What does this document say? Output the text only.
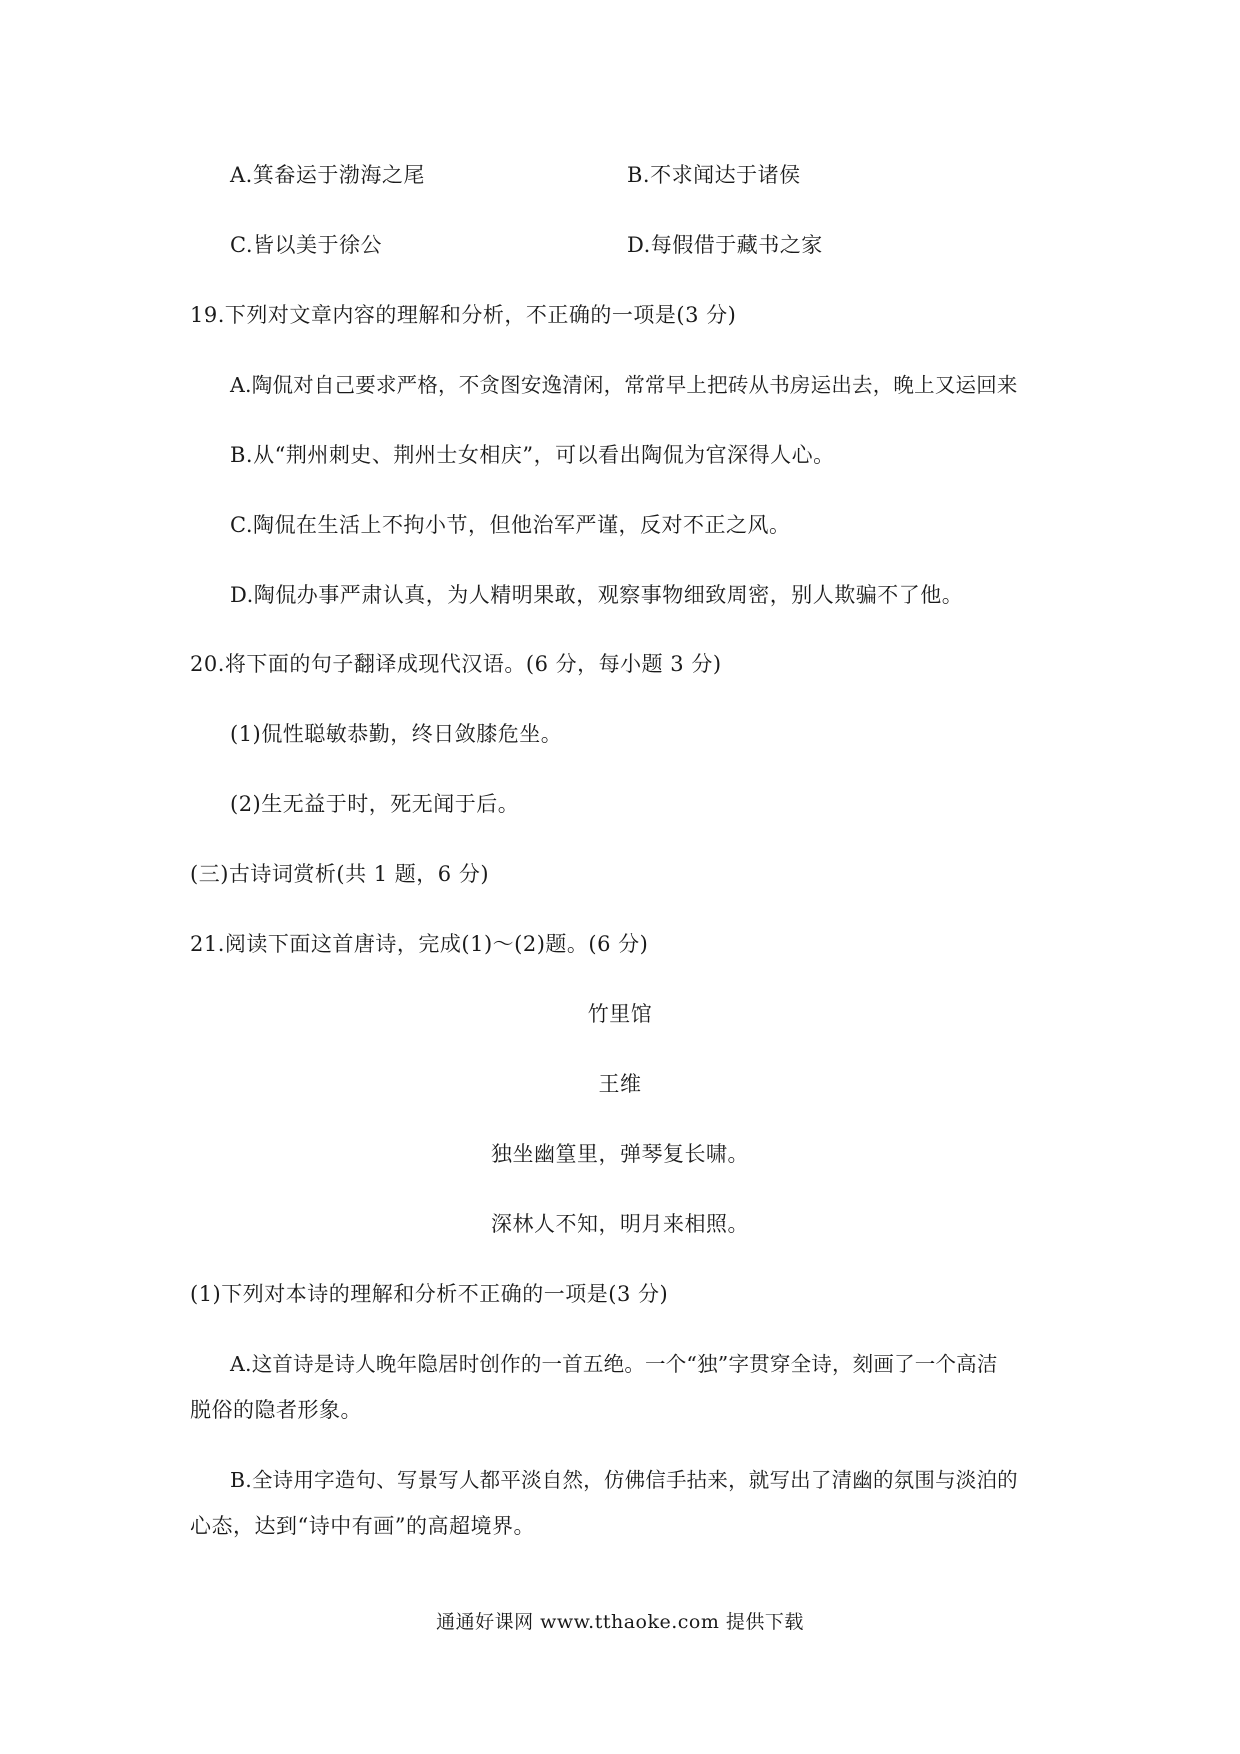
A.箕畚运于渤海之尾	B.不求闻达于诸侯
C.皆以美于徐公	D.每假借于藏书之家
19.下列对文章内容的理解和分析，不正确的一项是(3 分)
A.陶侃对自己要求严格，不贪图安逸清闲，常常早上把砖从书房运出去，晚上又运回来
B.从“荆州刺史、荆州士女相庆”，可以看出陶侃为官深得人心。
C.陶侃在生活上不拘小节，但他治军严谨，反对不正之风。
D.陶侃办事严肃认真，为人精明果敢，观察事物细致周密，别人欺骗不了他。
20.将下面的句子翻译成现代汉语。(6 分，每小题 3 分)
(1)侃性聪敏恭勤，终日敛膝危坐。
(2)生无益于时，死无闻于后。
(三)古诗词赏析(共 1 题，6 分)
21.阅读下面这首唐诗，完成(1)～(2)题。(6 分)
竹里馆
王维
独坐幽篁里，弹琴复长啸。
深林人不知，明月来相照。
(1)下列对本诗的理解和分析不正确的一项是(3 分)
A.这首诗是诗人晚年隐居时创作的一首五绝。一个“独”字贯穿全诗，刻画了一个高洁
脱俗的隐者形象。
B.全诗用字造句、写景写人都平淡自然，仿佛信手拈来，就写出了清幽的氛围与淡泊的
心态，达到“诗中有画”的高超境界。
通通好课网 www.tthaoke.com 提供下载
